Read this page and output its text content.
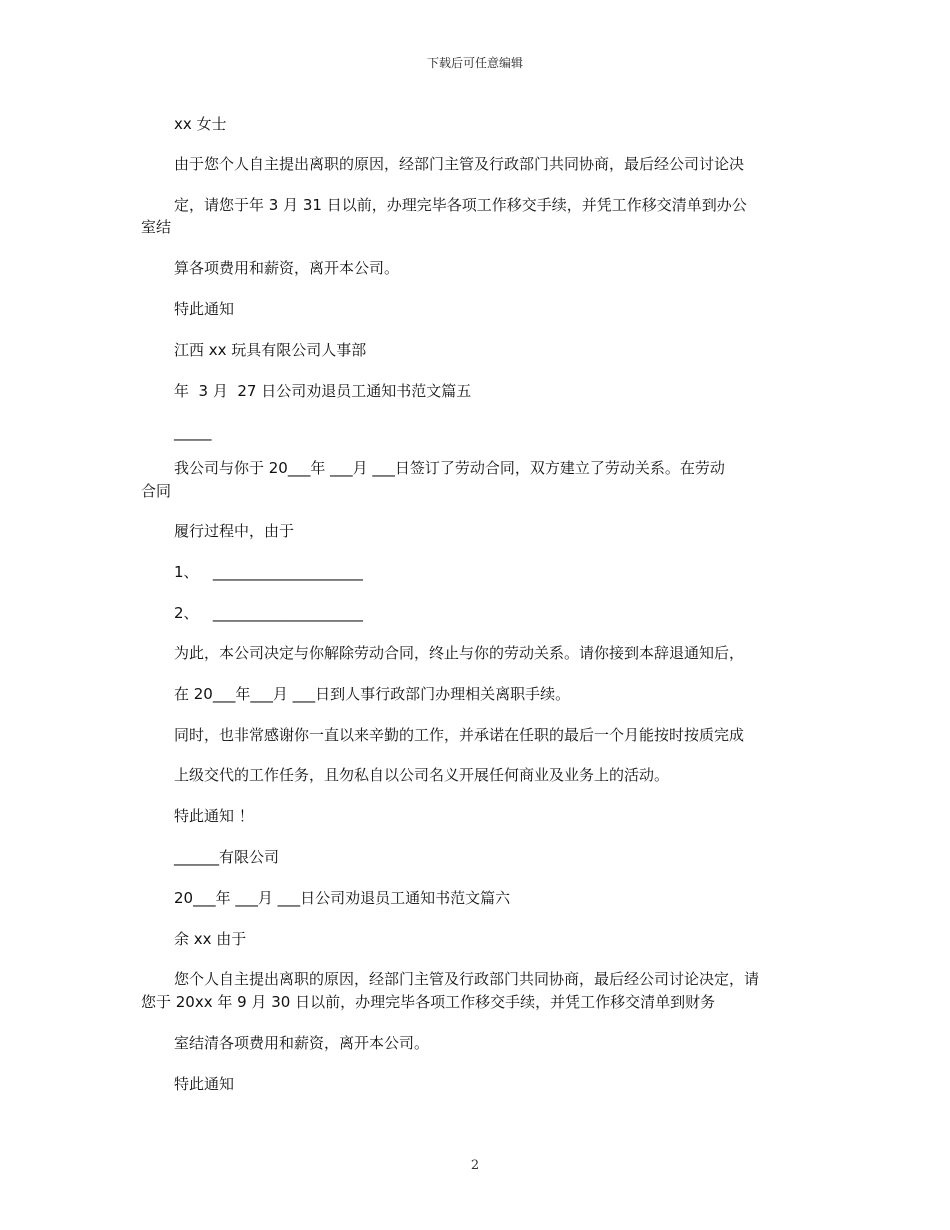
下载后可任意编辑
xx 女士
由于您个人自主提出离职的原因，经部门主管及行政部门共同协商，最后经公司讨论决
定，请您于年 3 月 31 日以前，办理完毕各项工作移交手续，并凭工作移交清单到办公
室结
算各项费用和薪资，离开本公司。
特此通知
江西 xx 玩具有限公司人事部
年  3 月  27 日公司劝退员工通知书范文篇五
_____
我公司与你于 20___年 ___月 ___日签订了劳动合同，双方建立了劳动关系。在劳动
合同
履行过程中，由于
1、   ____________________
2、   ____________________
为此，本公司决定与你解除劳动合同，终止与你的劳动关系。请你接到本辞退通知后，
在 20___年___月 ___日到人事行政部门办理相关离职手续。
同时，也非常感谢你一直以来辛勤的工作，并承诺在任职的最后一个月能按时按质完成
上级交代的工作任务，且勿私自以公司名义开展任何商业及业务上的活动。
特此通知 ！
______有限公司
20___年 ___月 ___日公司劝退员工通知书范文篇六
余 xx 由于
您个人自主提出离职的原因，经部门主管及行政部门共同协商，最后经公司讨论决定，请
您于 20xx 年 9 月 30 日以前，办理完毕各项工作移交手续，并凭工作移交清单到财务
室结清各项费用和薪资，离开本公司。
特此通知
2
